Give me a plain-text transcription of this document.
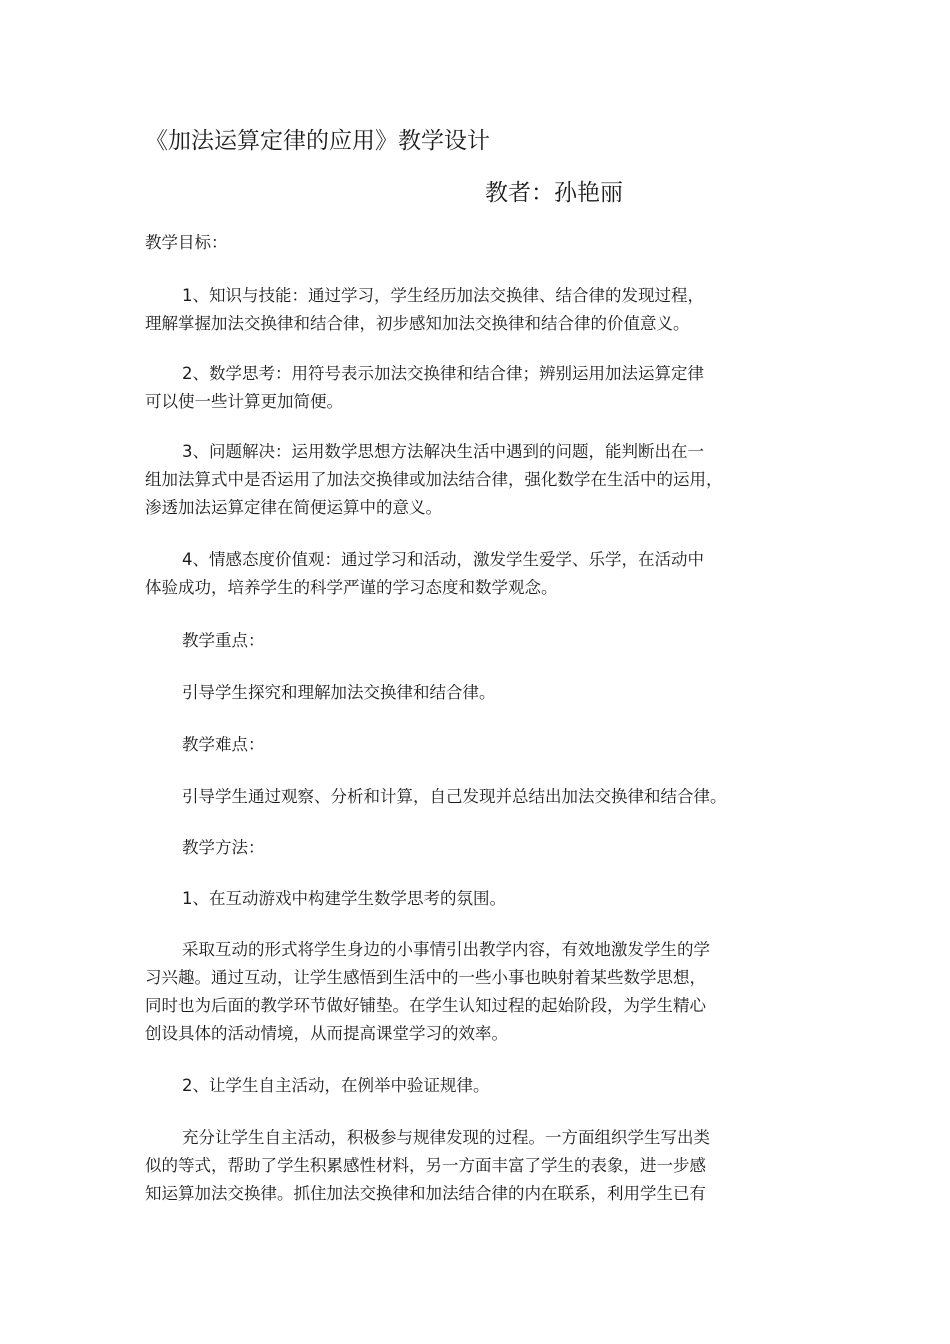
《加法运算定律的应用》教学设计
教者：孙艳丽
教学目标：
1、知识与技能：通过学习，学生经历加法交换律、结合律的发现过程，
理解掌握加法交换律和结合律，初步感知加法交换律和结合律的价值意义。
2、数学思考：用符号表示加法交换律和结合律；辨别运用加法运算定律
可以使一些计算更加简便。
3、问题解决：运用数学思想方法解决生活中遇到的问题，能判断出在一
组加法算式中是否运用了加法交换律或加法结合律，强化数学在生活中的运用，
渗透加法运算定律在简便运算中的意义。
4、情感态度价值观：通过学习和活动，激发学生爱学、乐学，在活动中
体验成功，培养学生的科学严谨的学习态度和数学观念。
教学重点：
引导学生探究和理解加法交换律和结合律。
教学难点：
引导学生通过观察、分析和计算，自己发现并总结出加法交换律和结合律。
教学方法：
1、在互动游戏中构建学生数学思考的氛围。
采取互动的形式将学生身边的小事情引出教学内容，有效地激发学生的学
习兴趣。通过互动，让学生感悟到生活中的一些小事也映射着某些数学思想，
同时也为后面的教学环节做好铺垫。在学生认知过程的起始阶段，为学生精心
创设具体的活动情境，从而提高课堂学习的效率。
2、让学生自主活动，在例举中验证规律。
充分让学生自主活动，积极参与规律发现的过程。一方面组织学生写出类
似的等式，帮助了学生积累感性材料，另一方面丰富了学生的表象，进一步感
知运算加法交换律。抓住加法交换律和加法结合律的内在联系，利用学生已有
